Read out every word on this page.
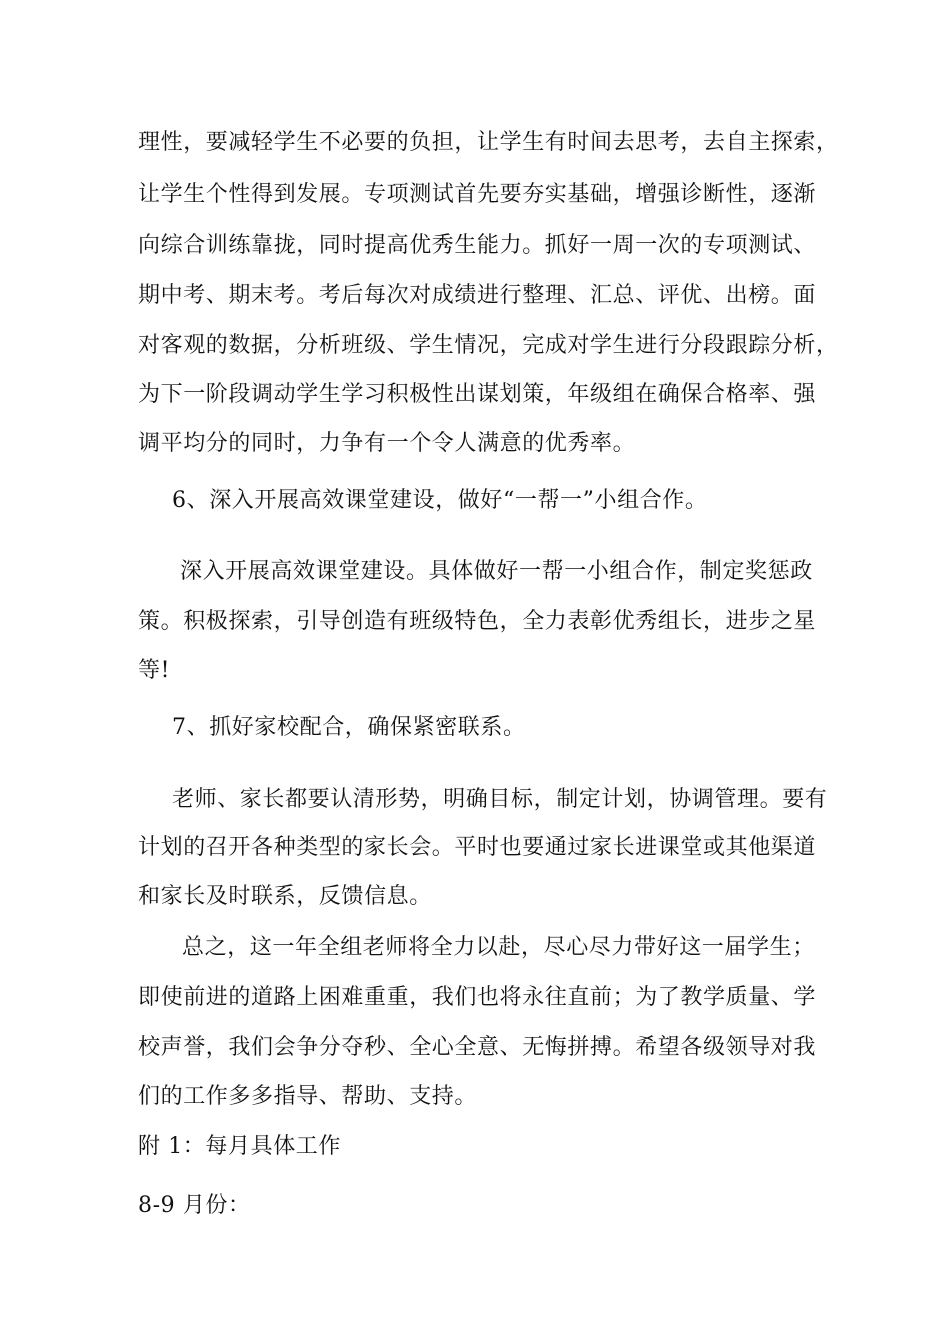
理性，要减轻学生不必要的负担，让学生有时间去思考，去自主探索，
让学生个性得到发展。专项测试首先要夯实基础，增强诊断性，逐渐
向综合训练靠拢，同时提高优秀生能力。抓好一周一次的专项测试、
期中考、期末考。考后每次对成绩进行整理、汇总、评优、出榜。面
对客观的数据，分析班级、学生情况，完成对学生进行分段跟踪分析，
为下一阶段调动学生学习积极性出谋划策，年级组在确保合格率、强
调平均分的同时，力争有一个令人满意的优秀率。
6、深入开展高效课堂建设，做好“一帮一”小组合作。
深入开展高效课堂建设。具体做好一帮一小组合作，制定奖惩政
策。积极探索，引导创造有班级特色，全力表彰优秀组长，进步之星
等!
7、抓好家校配合，确保紧密联系。
老师、家长都要认清形势，明确目标，制定计划，协调管理。要有
计划的召开各种类型的家长会。平时也要通过家长进课堂或其他渠道
和家长及时联系，反馈信息。
总之，这一年全组老师将全力以赴，尽心尽力带好这一届学生；
即使前进的道路上困难重重，我们也将永往直前；为了教学质量、学
校声誉，我们会争分夺秒、全心全意、无悔拼搏。希望各级领导对我
们的工作多多指导、帮助、支持。
附 1：每月具体工作
8-9 月份：
